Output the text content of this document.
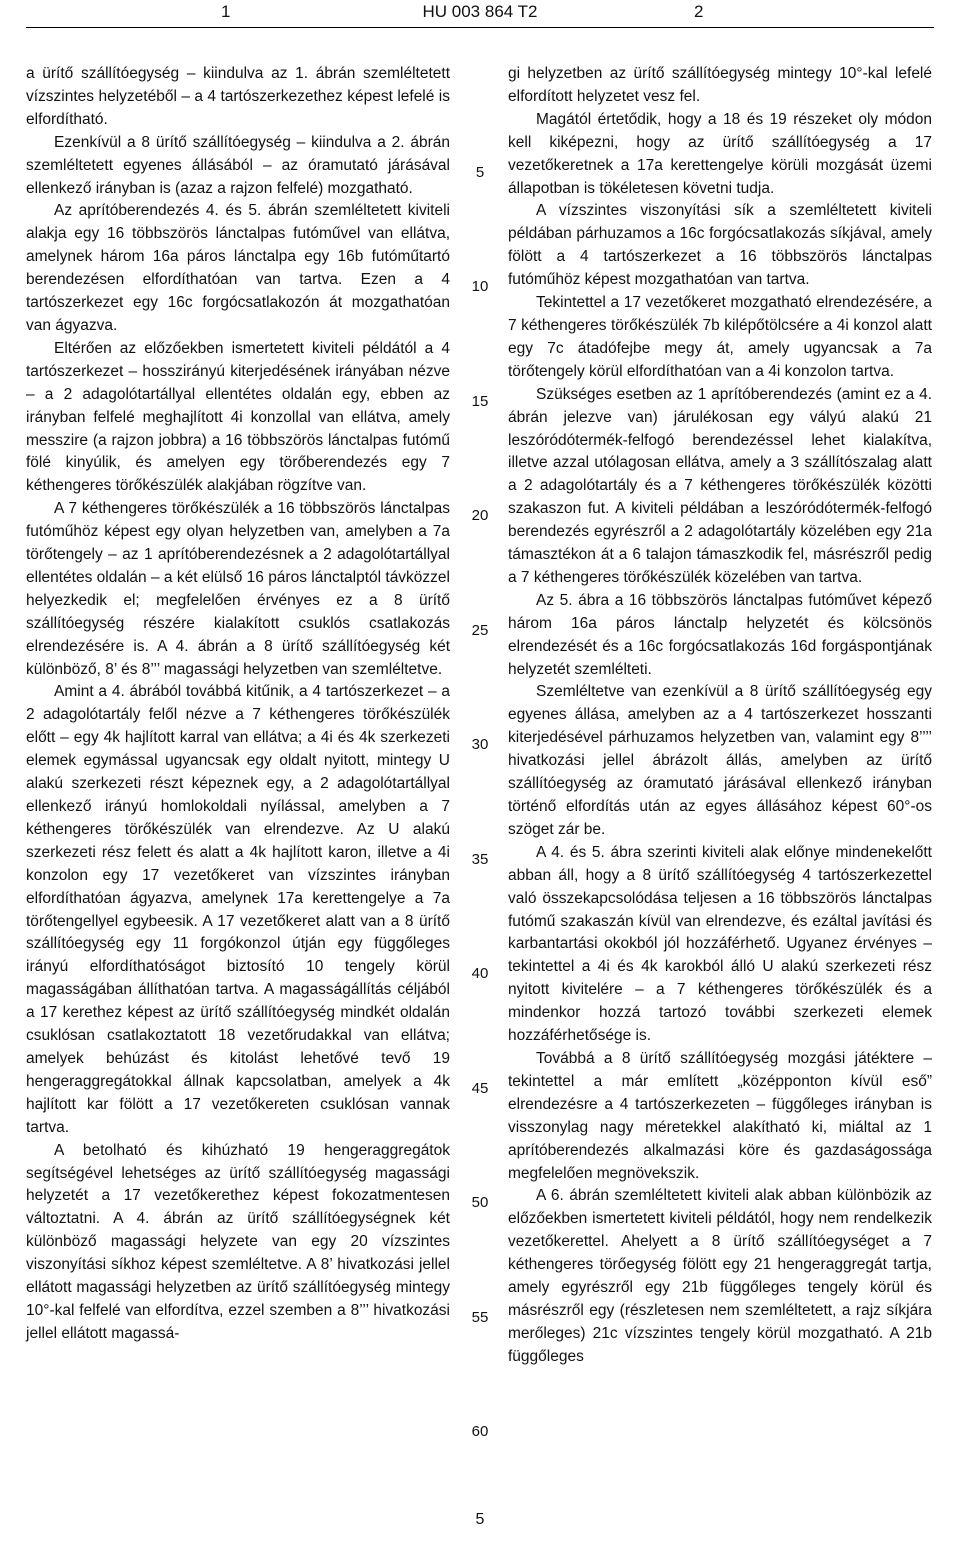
1	HU 003 864 T2	2

a ürítő szállítóegység – kiindulva az 1. ábrán szemléltetett vízszintes helyzetéből – a 4 tartószerkezethez képest lefelé is elfordítható.

Ezenkívül a 8 ürítő szállítóegység – kiindulva a 2. ábrán szemléltetett egyenes állásából – az óramutató járásával ellenkező irányban is (azaz a rajzon felfelé) mozgatható.

Az aprítóberendezés 4. és 5. ábrán szemléltetett kiviteli alakja egy 16 többszörös lánctalpas futóművel van ellátva, amelynek három 16a páros lánctalpa egy 16b futóműtartó berendezésen elfordíthatóan van tartva. Ezen a 4 tartószerkezet egy 16c forgócsatlakozón át mozgathatóan van ágyazva.

Eltérően az előzőekben ismertetett kiviteli példától a 4 tartószerkezet – hosszirányú kiterjedésének irányában nézve – a 2 adagolótartállyal ellentétes oldalán egy, ebben az irányban felfelé meghajlított 4i konzollal van ellátva, amely messzire (a rajzon jobbra) a 16 többszörös lánctalpas futómű fölé kinyúlik, és amelyen egy törőberendezés egy 7 kéthengeres törőkészülék alakjában rögzítve van.

A 7 kéthengeres törőkészülék a 16 többszörös lánctalpas futóműhöz képest egy olyan helyzetben van, amelyben a 7a törőtengely – az 1 aprítóberendezésnek a 2 adagolótartállyal ellentétes oldalán – a két elülső 16 páros lánctalptól távközzel helyezkedik el; megfelelően érvényes ez a 8 ürítő szállítóegység részére kialakított csuklós csatlakozás elrendezésére is. A 4. ábrán a 8 ürítő szállítóegység két különböző, 8’ és 8’’’ magassági helyzetben van szemléltetve.

Amint a 4. ábrából továbbá kitűnik, a 4 tartószerkezet – a 2 adagolótartály felől nézve a 7 kéthengeres törőkészülék előtt – egy 4k hajlított karral van ellátva; a 4i és 4k szerkezeti elemek egymással ugyancsak egy oldalt nyitott, mintegy U alakú szerkezeti részt képeznek egy, a 2 adagolótartállyal ellenkező irányú homlokoldali nyílással, amelyben a 7 kéthengeres törőkészülék van elrendezve. Az U alakú szerkezeti rész felett és alatt a 4k hajlított karon, illetve a 4i konzolon egy 17 vezetőkeret van vízszintes irányban elfordíthatóan ágyazva, amelynek 17a kerettengelye a 7a törőtengellyel egybeesik. A 17 vezetőkeret alatt van a 8 ürítő szállítóegység egy 11 forgókonzol útján egy függőleges irányú elfordíthatóságot biztosító 10 tengely körül magasságában állíthatóan tartva. A magasságállítás céljából a 17 kerethez képest az ürítő szállítóegység mindkét oldalán csuklósan csatlakoztatott 18 vezetőrudakkal van ellátva; amelyek behúzást és kitolást lehetővé tevő 19 hengeraggregátokkal állnak kapcsolatban, amelyek a 4k hajlított kar fölött a 17 vezetőkereten csuklósan vannak tartva.

A betolható és kihúzható 19 hengeraggregátok segítségével lehetséges az ürítő szállítóegység magassági helyzetét a 17 vezetőkerethez képest fokozatmentesen változtatni. A 4. ábrán az ürítő szállítóegységnek két különböző magassági helyzete van egy 20 vízszintes viszonyítási síkhoz képest szemléltetve. A 8’ hivatkozási jellel ellátott magassági helyzetben az ürítő szállítóegység mintegy 10°-kal felfelé van elfordítva, ezzel szemben a 8’’’ hivatkozási jellel ellátott magassá-

5
10
15
20
25
30
35
40
45
50
55
60

gi helyzetben az ürítő szállítóegység mintegy 10°-kal lefelé elfordított helyzetet vesz fel.

Magától értetődik, hogy a 18 és 19 részeket oly módon kell kiképezni, hogy az ürítő szállítóegység a 17 vezetőkeretnek a 17a kerettengelye körüli mozgását üzemi állapotban is tökéletesen követni tudja.

A vízszintes viszonyítási sík a szemléltetett kiviteli példában párhuzamos a 16c forgócsatlakozás síkjával, amely fölött a 4 tartószerkezet a 16 többszörös lánctalpas futóműhöz képest mozgathatóan van tartva.

Tekintettel a 17 vezetőkeret mozgatható elrendezésére, a 7 kéthengeres törőkészülék 7b kilépőtölcsére a 4i konzol alatt egy 7c átadófejbe megy át, amely ugyancsak a 7a törőtengely körül elfordíthatóan van a 4i konzolon tartva.

Szükséges esetben az 1 aprítóberendezés (amint ez a 4. ábrán jelezve van) járulékosan egy vályú alakú 21 leszóródótermék-felfogó berendezéssel lehet kialakítva, illetve azzal utólagosan ellátva, amely a 3 szállítószalag alatt a 2 adagolótartály és a 7 kéthengeres törőkészülék közötti szakaszon fut. A kiviteli példában a leszóródótermék-felfogó berendezés egyrészről a 2 adagolótartály közelében egy 21a támasztékon át a 6 talajon támaszkodik fel, másrészről pedig a 7 kéthengeres törőkészülék közelében van tartva.

Az 5. ábra a 16 többszörös lánctalpas futóművet képező három 16a páros lánctalp helyzetét és kölcsönös elrendezését és a 16c forgócsatlakozás 16d forgáspontjának helyzetét szemlélteti.

Szemléltetve van ezenkívül a 8 ürítő szállítóegység egy egyenes állása, amelyben az a 4 tartószerkezet hosszanti kiterjedésével párhuzamos helyzetben van, valamint egy 8’’’’ hivatkozási jellel ábrázolt állás, amelyben az ürítő szállítóegység az óramutató járásával ellenkező irányban történő elfordítás után az egyes állásához képest 60°-os szöget zár be.

A 4. és 5. ábra szerinti kiviteli alak előnye mindenekelőtt abban áll, hogy a 8 ürítő szállítóegység 4 tartószerkezettel való összekapcsolódása teljesen a 16 többszörös lánctalpas futómű szakaszán kívül van elrendezve, és ezáltal javítási és karbantartási okokból jól hozzáférhető. Ugyanez érvényes – tekintettel a 4i és 4k karokból álló U alakú szerkezeti rész nyitott kivitelére – a 7 kéthengeres törőkészülék és a mindenkor hozzá tartozó további szerkezeti elemek hozzáférhetősége is.

Továbbá a 8 ürítő szállítóegység mozgási játéktere – tekintettel a már említett „középponton kívül eső” elrendezésre a 4 tartószerkezeten – függőleges irányban is visszonylag nagy méretekkel alakítható ki, miáltal az 1 aprítóberendezés alkalmazási köre és gazdaságossága megfelelően megnövekszik.

A 6. ábrán szemléltetett kiviteli alak abban különbözik az előzőekben ismertetett kiviteli példától, hogy nem rendelkezik vezetőkerettel. Ahelyett a 8 ürítő szállítóegységet a 7 kéthengeres törőegység fölött egy 21 hengeraggregát tartja, amely egyrészről egy 21b függőleges tengely körül és másrészről egy (részletesen nem szemléltetett, a rajz síkjára merőleges) 21c vízszintes tengely körül mozgatható. A 21b függőleges

5
